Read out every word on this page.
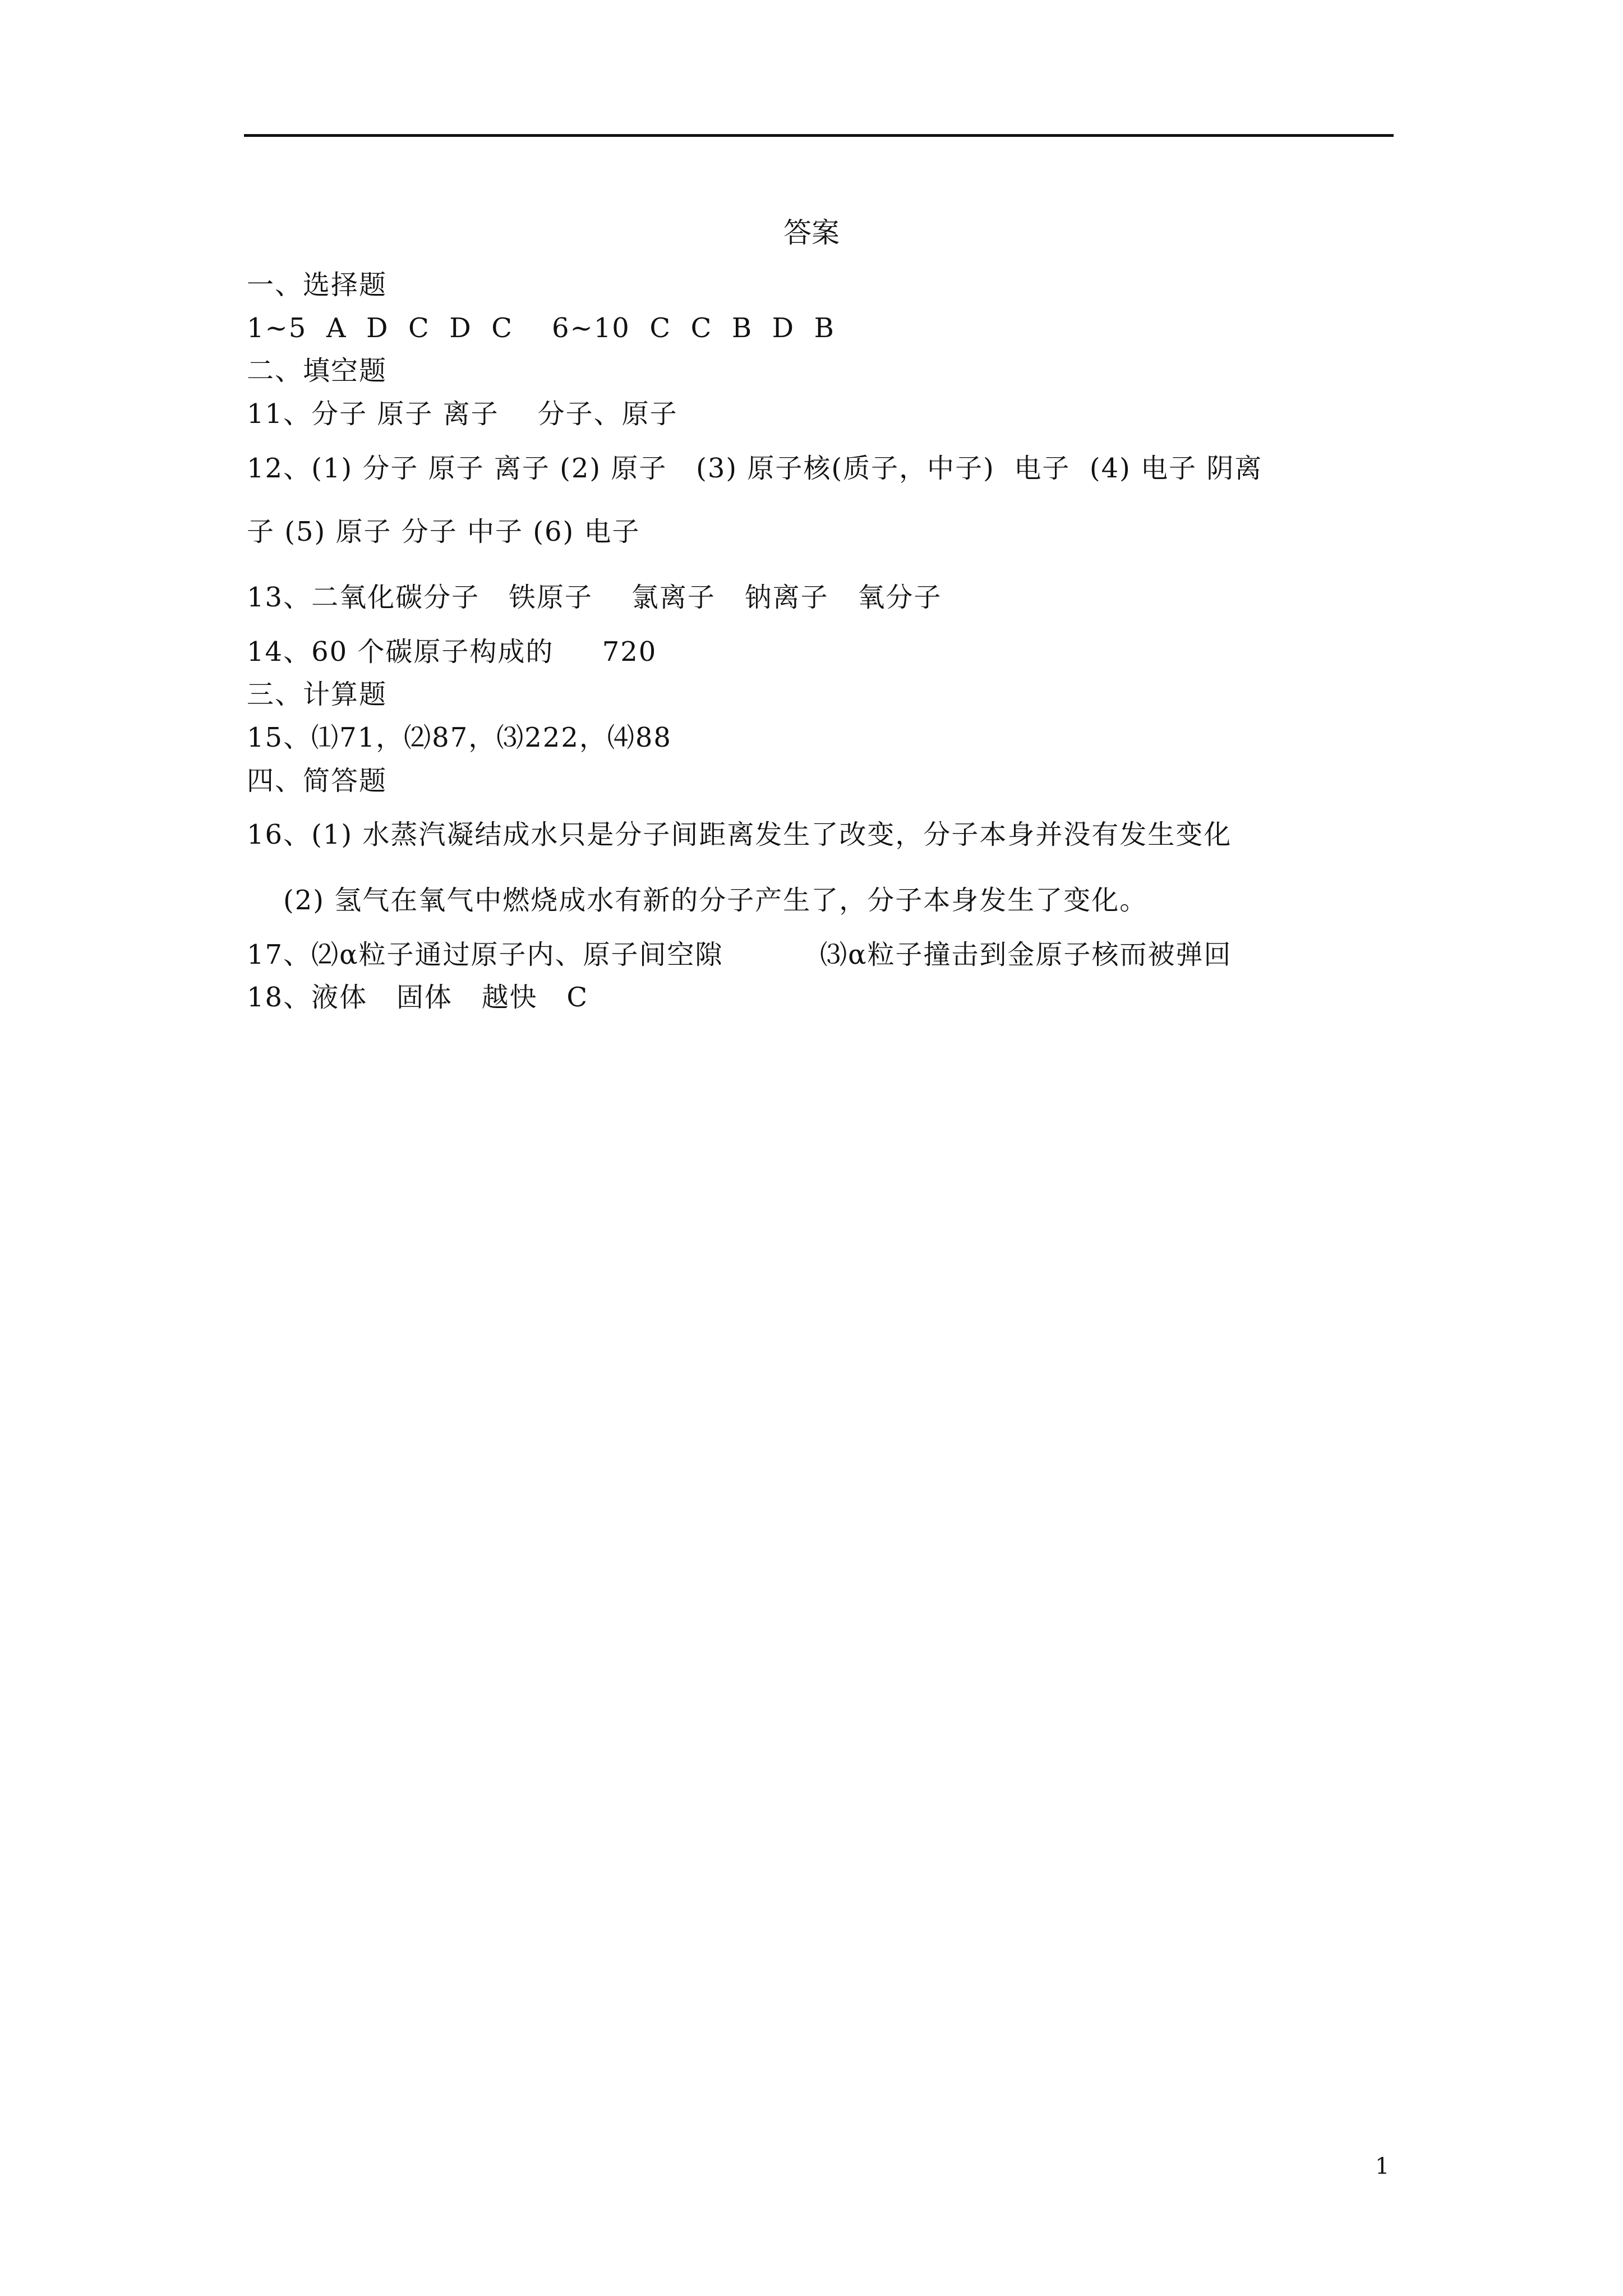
答案
一、选择题
1~5  A  D  C  D  C    6~10  C  C  B  D  B
二、填空题
11、分子 原子 离子    分子、原子
12、(1) 分子 原子 离子 (2) 原子   (3) 原子核(质子，中子)  电子  (4) 电子 阴离
子 (5) 原子 分子 中子 (6) 电子
13、二氧化碳分子   铁原子    氯离子   钠离子   氧分子
14、60 个碳原子构成的     720
三、计算题
15、⑴71，⑵87，⑶222，⑷88
四、简答题
16、(1) 水蒸汽凝结成水只是分子间距离发生了改变，分子本身并没有发生变化
(2) 氢气在氧气中燃烧成水有新的分子产生了，分子本身发生了变化。
17、⑵α粒子通过原子内、原子间空隙          ⑶α粒子撞击到金原子核而被弹回
18、液体   固体   越快   C
1
